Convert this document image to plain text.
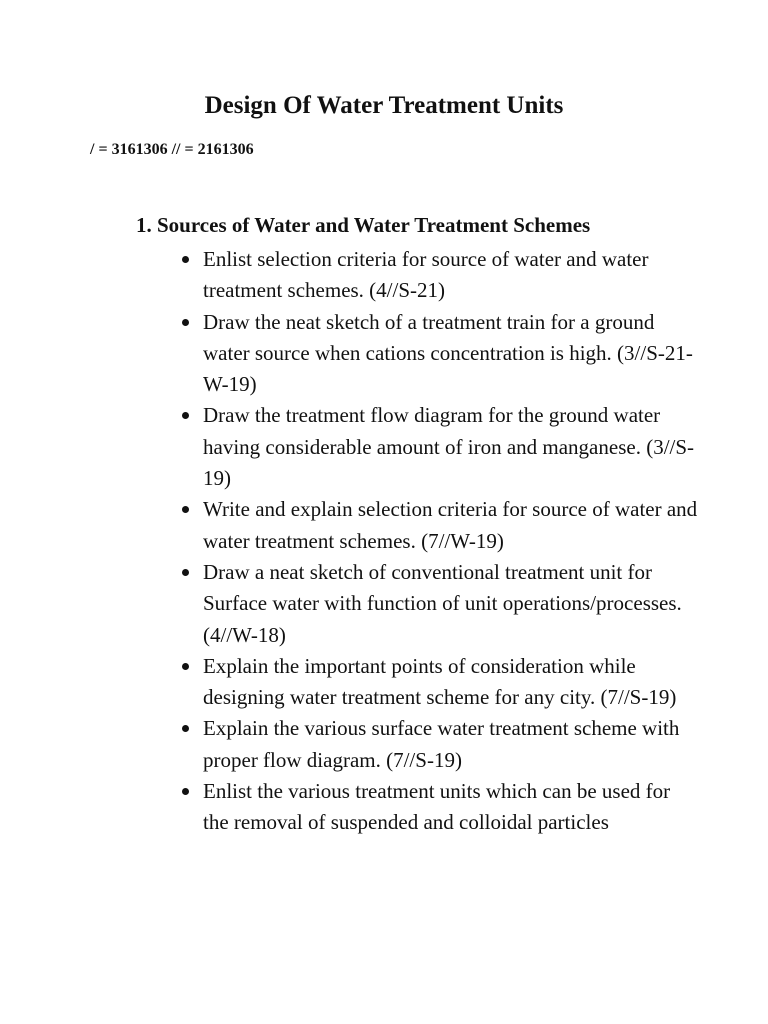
Design Of Water Treatment Units

/ = 3161306 // = 2161306

1. Sources of Water and Water Treatment Schemes
Enlist selection criteria for source of water and water treatment schemes. (4//S-21)
Draw the neat sketch of a treatment train for a ground water source when cations concentration is high. (3//S-21-W-19)
Draw the treatment flow diagram for the ground water having considerable amount of iron and manganese. (3//S-19)
Write and explain selection criteria for source of water and water treatment schemes. (7//W-19)
Draw a neat sketch of conventional treatment unit for Surface water with function of unit operations/processes. (4//W-18)
Explain the important points of consideration while designing water treatment scheme for any city. (7//S-19)
Explain the various surface water treatment scheme with proper flow diagram. (7//S-19)
Enlist the various treatment units which can be used for the removal of suspended and colloidal particles
